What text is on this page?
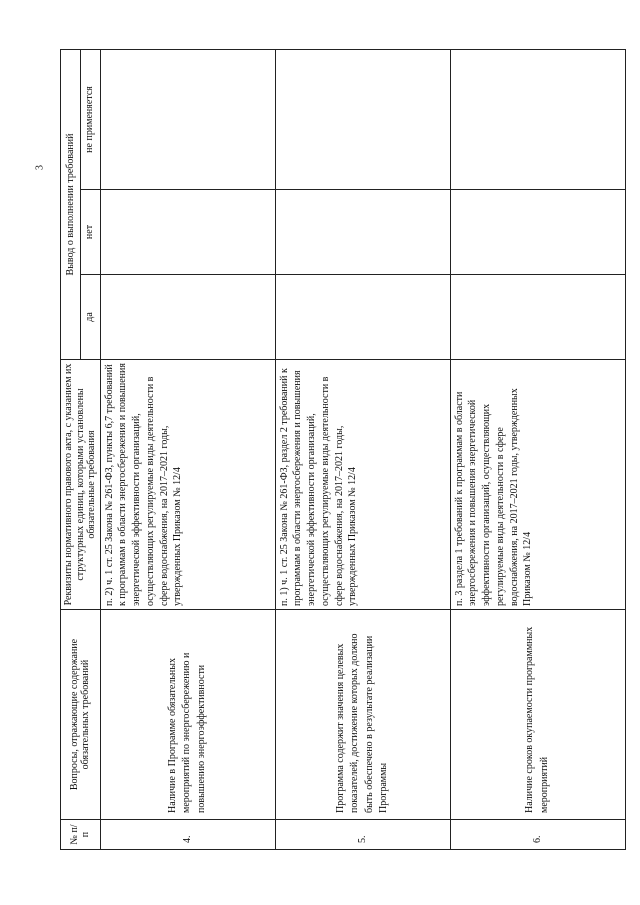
3
№ п/п	Вопросы, отражающие содержание обязательных требований	Реквизиты нормативного правового акта, с указанием их структурных единиц, которыми установлены обязательные требования	Вывод о выполнении требований		
			да	нет	не применяется
4.	Наличие в Программе обязательных мероприятий по энергосбережению и повышению энергоэффективности	п. 2) ч. 1 ст. 25 Закона № 261-ФЗ, пункты 6,7 требований к программам в области энергосбережения и повышения энергетической эффективности организаций, осуществляющих регулируемые виды деятельности в сфере водоснабжения, на 2017–2021 годы, утвержденных Приказом № 12/4			
5.	Программа содержит значения целевых показателей, достижение которых должно быть обеспечено в результате реализации Программы	п. 1) ч. 1 ст. 25 Закона № 261-ФЗ, раздел 2 требований к программам в области энергосбережения и повышения энергетической эффективности организаций, осуществляющих регулируемые виды деятельности в сфере водоснабжения, на 2017–2021 годы, утвержденных Приказом № 12/4			
6.	Наличие сроков окупаемости программных мероприятий	п. 3 раздела 1 требований к программам в области энергосбережения и повышения энергетической эффективности организаций, осуществляющих регулируемые виды деятельности в сфере водоснабжения, на 2017–2021 годы, утвержденных Приказом № 12/4			
